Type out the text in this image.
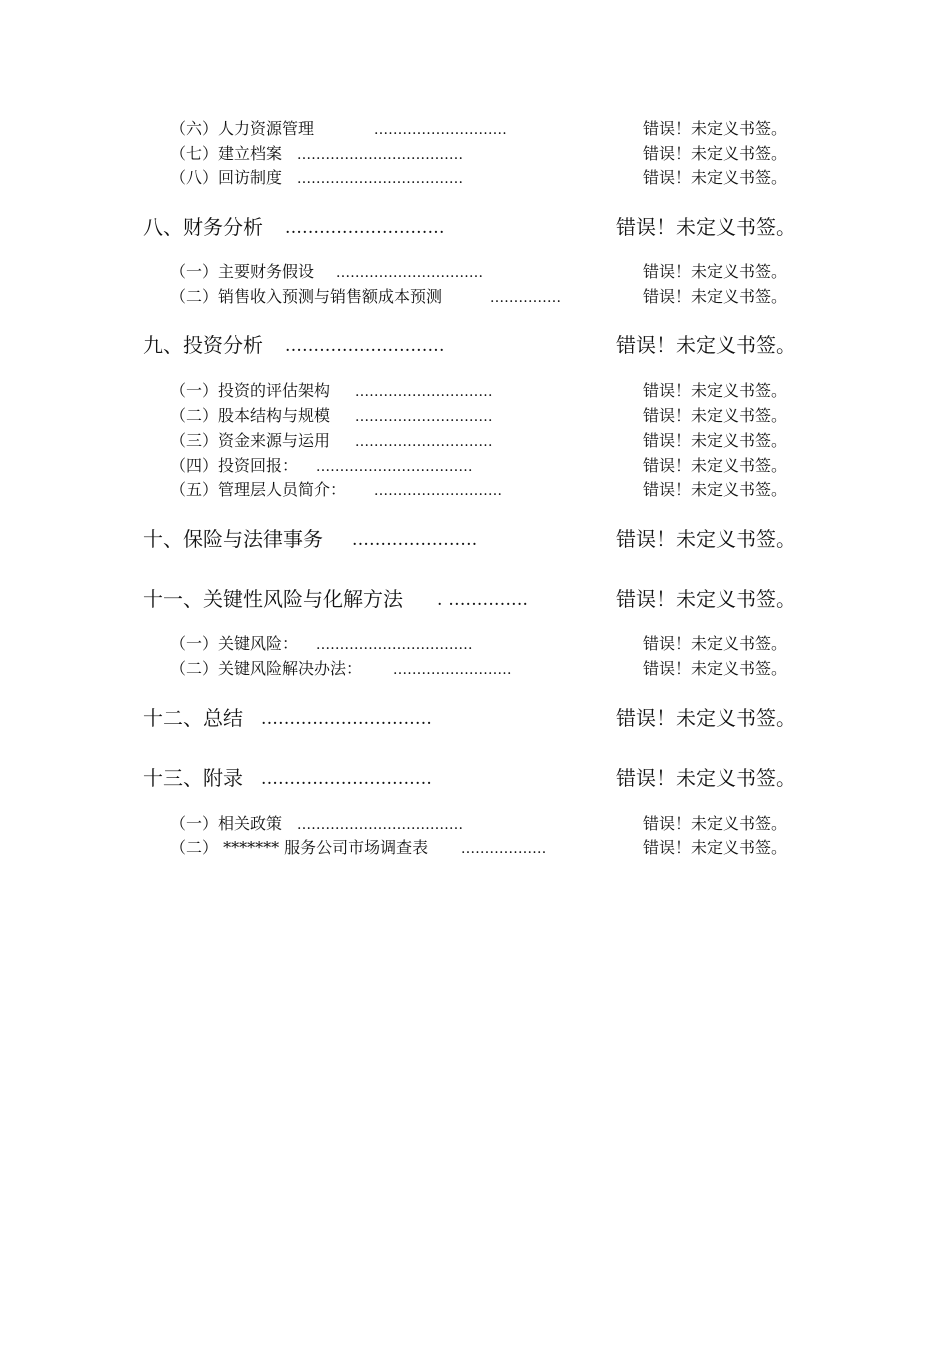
（六）人力资源管理	............................	错误！未定义书签。
（七）建立档案 ...................................	错误！未定义书签。
（八）回访制度 ...................................	错误！未定义书签。
八、财务分析 ............................	错误！未定义书签。
（一）主要财务假设 ...............................	错误！未定义书签。
（二）销售收入预测与销售额成本预测	...............	错误！未定义书签。
九、投资分析 ............................	错误！未定义书签。
（一）投资的评估架构 .............................	错误！未定义书签。
（二）股本结构与规模 .............................	错误！未定义书签。
（三）资金来源与运用 .............................	错误！未定义书签。
（四）投资回报： .................................	错误！未定义书签。
（五）管理层人员简介： ...........................	错误！未定义书签。
十、保险与法律事务 ......................	错误！未定义书签。
十一、关键性风险与化解方法 . ..............	错误！未定义书签。
（一）关键风险： .................................	错误！未定义书签。
（二）关键风险解决办法： .........................	错误！未定义书签。
十二、总结 ..............................	错误！未定义书签。
十三、附录 ..............................	错误！未定义书签。
（一）相关政策 ...................................	错误！未定义书签。
（二） ******* 服务公司市场调查表 ..................	错误！未定义书签。
